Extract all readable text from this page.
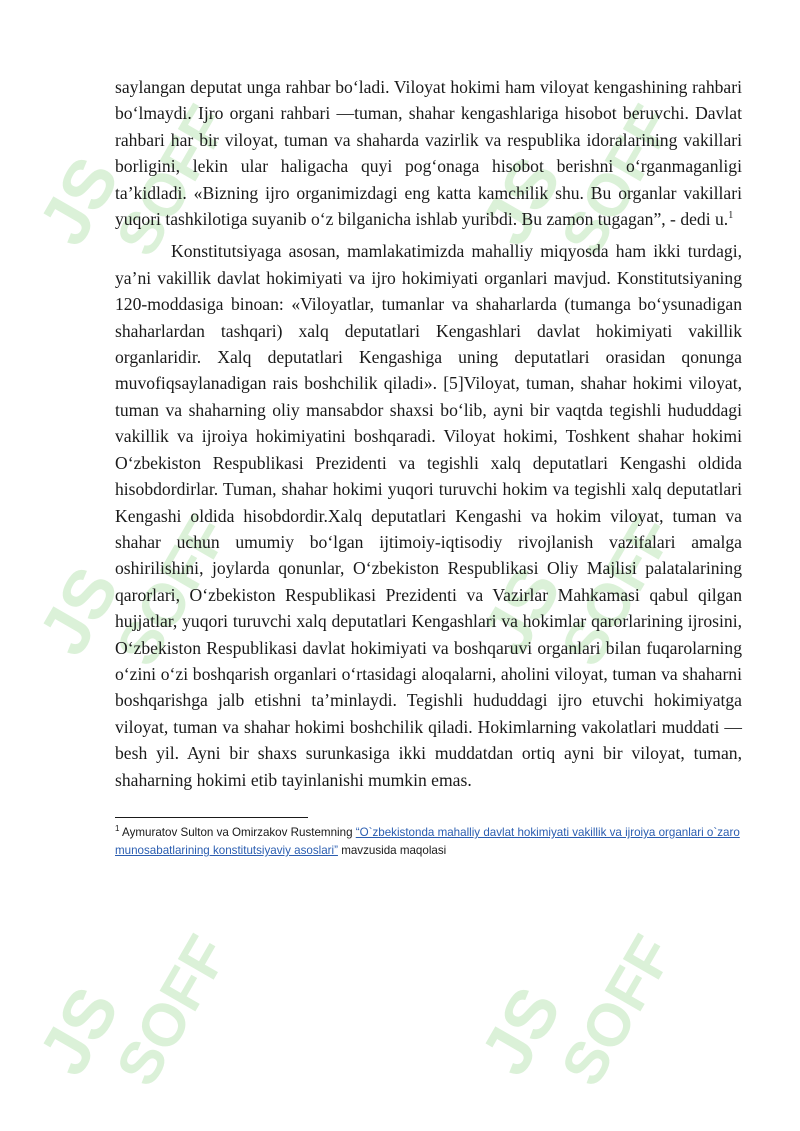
JS
SOFF
JS
SOFF
JS
SOFF
JS
SOFF
JS
SOFF
JS
SOFF

saylangan deputat unga rahbar bo‘ladi. Viloyat hokimi ham viloyat kengashining rahbari bo‘lmaydi. Ijro organi rahbari —tuman, shahar kengashlariga hisobot beruvchi. Davlat rahbari har bir viloyat, tuman va shaharda vazirlik va respublika idoralarining vakillari borligini, lekin ular haligacha quyi pog‘onaga hisobot berishni o‘rganmaganligi ta’kidladi. «Bizning ijro organimizdagi eng katta kamchilik shu. Bu organlar vakillari yuqori tashkilotiga suyanib o‘z bilganicha ishlab yuribdi. Bu zamon tugagan”, - dedi u.$^1$

Konstitutsiyaga asosan, mamlakatimizda mahalliy miqyosda ham ikki turdagi, ya’ni vakillik davlat hokimiyati va ijro hokimiyati organlari mavjud. Konstitutsiyaning 120-moddasiga binoan: «Viloyatlar, tumanlar va shaharlarda (tumanga bo‘ysunadigan shaharlardan tashqari) xalq deputatlari Kengashlari davlat hokimiyati vakillik organlaridir. Xalq deputatlari Kengashiga uning deputatlari orasidan qonunga muvofiqsaylanadigan rais boshchilik qiladi». [5]Viloyat, tuman, shahar hokimi viloyat, tuman va shaharning oliy mansabdor shaxsi bo‘lib, ayni bir vaqtda tegishli hududdagi vakillik va ijroiya hokimiyatini boshqaradi. Viloyat hokimi, Toshkent shahar hokimi O‘zbekiston Respublikasi Prezidenti va tegishli xalq deputatlari Kengashi oldida hisobdordirlar. Tuman, shahar hokimi yuqori turuvchi hokim va tegishli xalq deputatlari Kengashi oldida hisobdordir.Xalq deputatlari Kengashi va hokim viloyat, tuman va shahar uchun umumiy bo‘lgan ijtimoiy-iqtisodiy rivojlanish vazifalari amalga oshirilishini, joylarda qonunlar, O‘zbekiston Respublikasi Oliy Majlisi palatalarining qarorlari, O‘zbekiston Respublikasi Prezidenti va Vazirlar Mahkamasi qabul qilgan hujjatlar, yuqori turuvchi xalq deputatlari Kengashlari va hokimlar qarorlarining ijrosini, O‘zbekiston Respublikasi davlat hokimiyati va boshqaruvi organlari bilan fuqarolarning o‘zini o‘zi boshqarish organlari o‘rtasidagi aloqalarni, aholini viloyat, tuman va shaharni boshqarishga jalb etishni ta’minlaydi. Tegishli hududdagi ijro etuvchi hokimiyatga viloyat, tuman va shahar hokimi boshchilik qiladi. Hokimlarning vakolatlari muddati — besh yil. Ayni bir shaxs surunkasiga ikki muddatdan ortiq ayni bir viloyat, tuman, shaharning hokimi etib tayinlanishi mumkin emas.

$^1$ Aymuratov Sulton va Omirzakov Rustemning “O`zbekistonda mahalliy davlat hokimiyati vakillik va ijroiya organlari o`zaro munosabatlarining konstitutsiyaviy asoslari” mavzusida maqolasi
